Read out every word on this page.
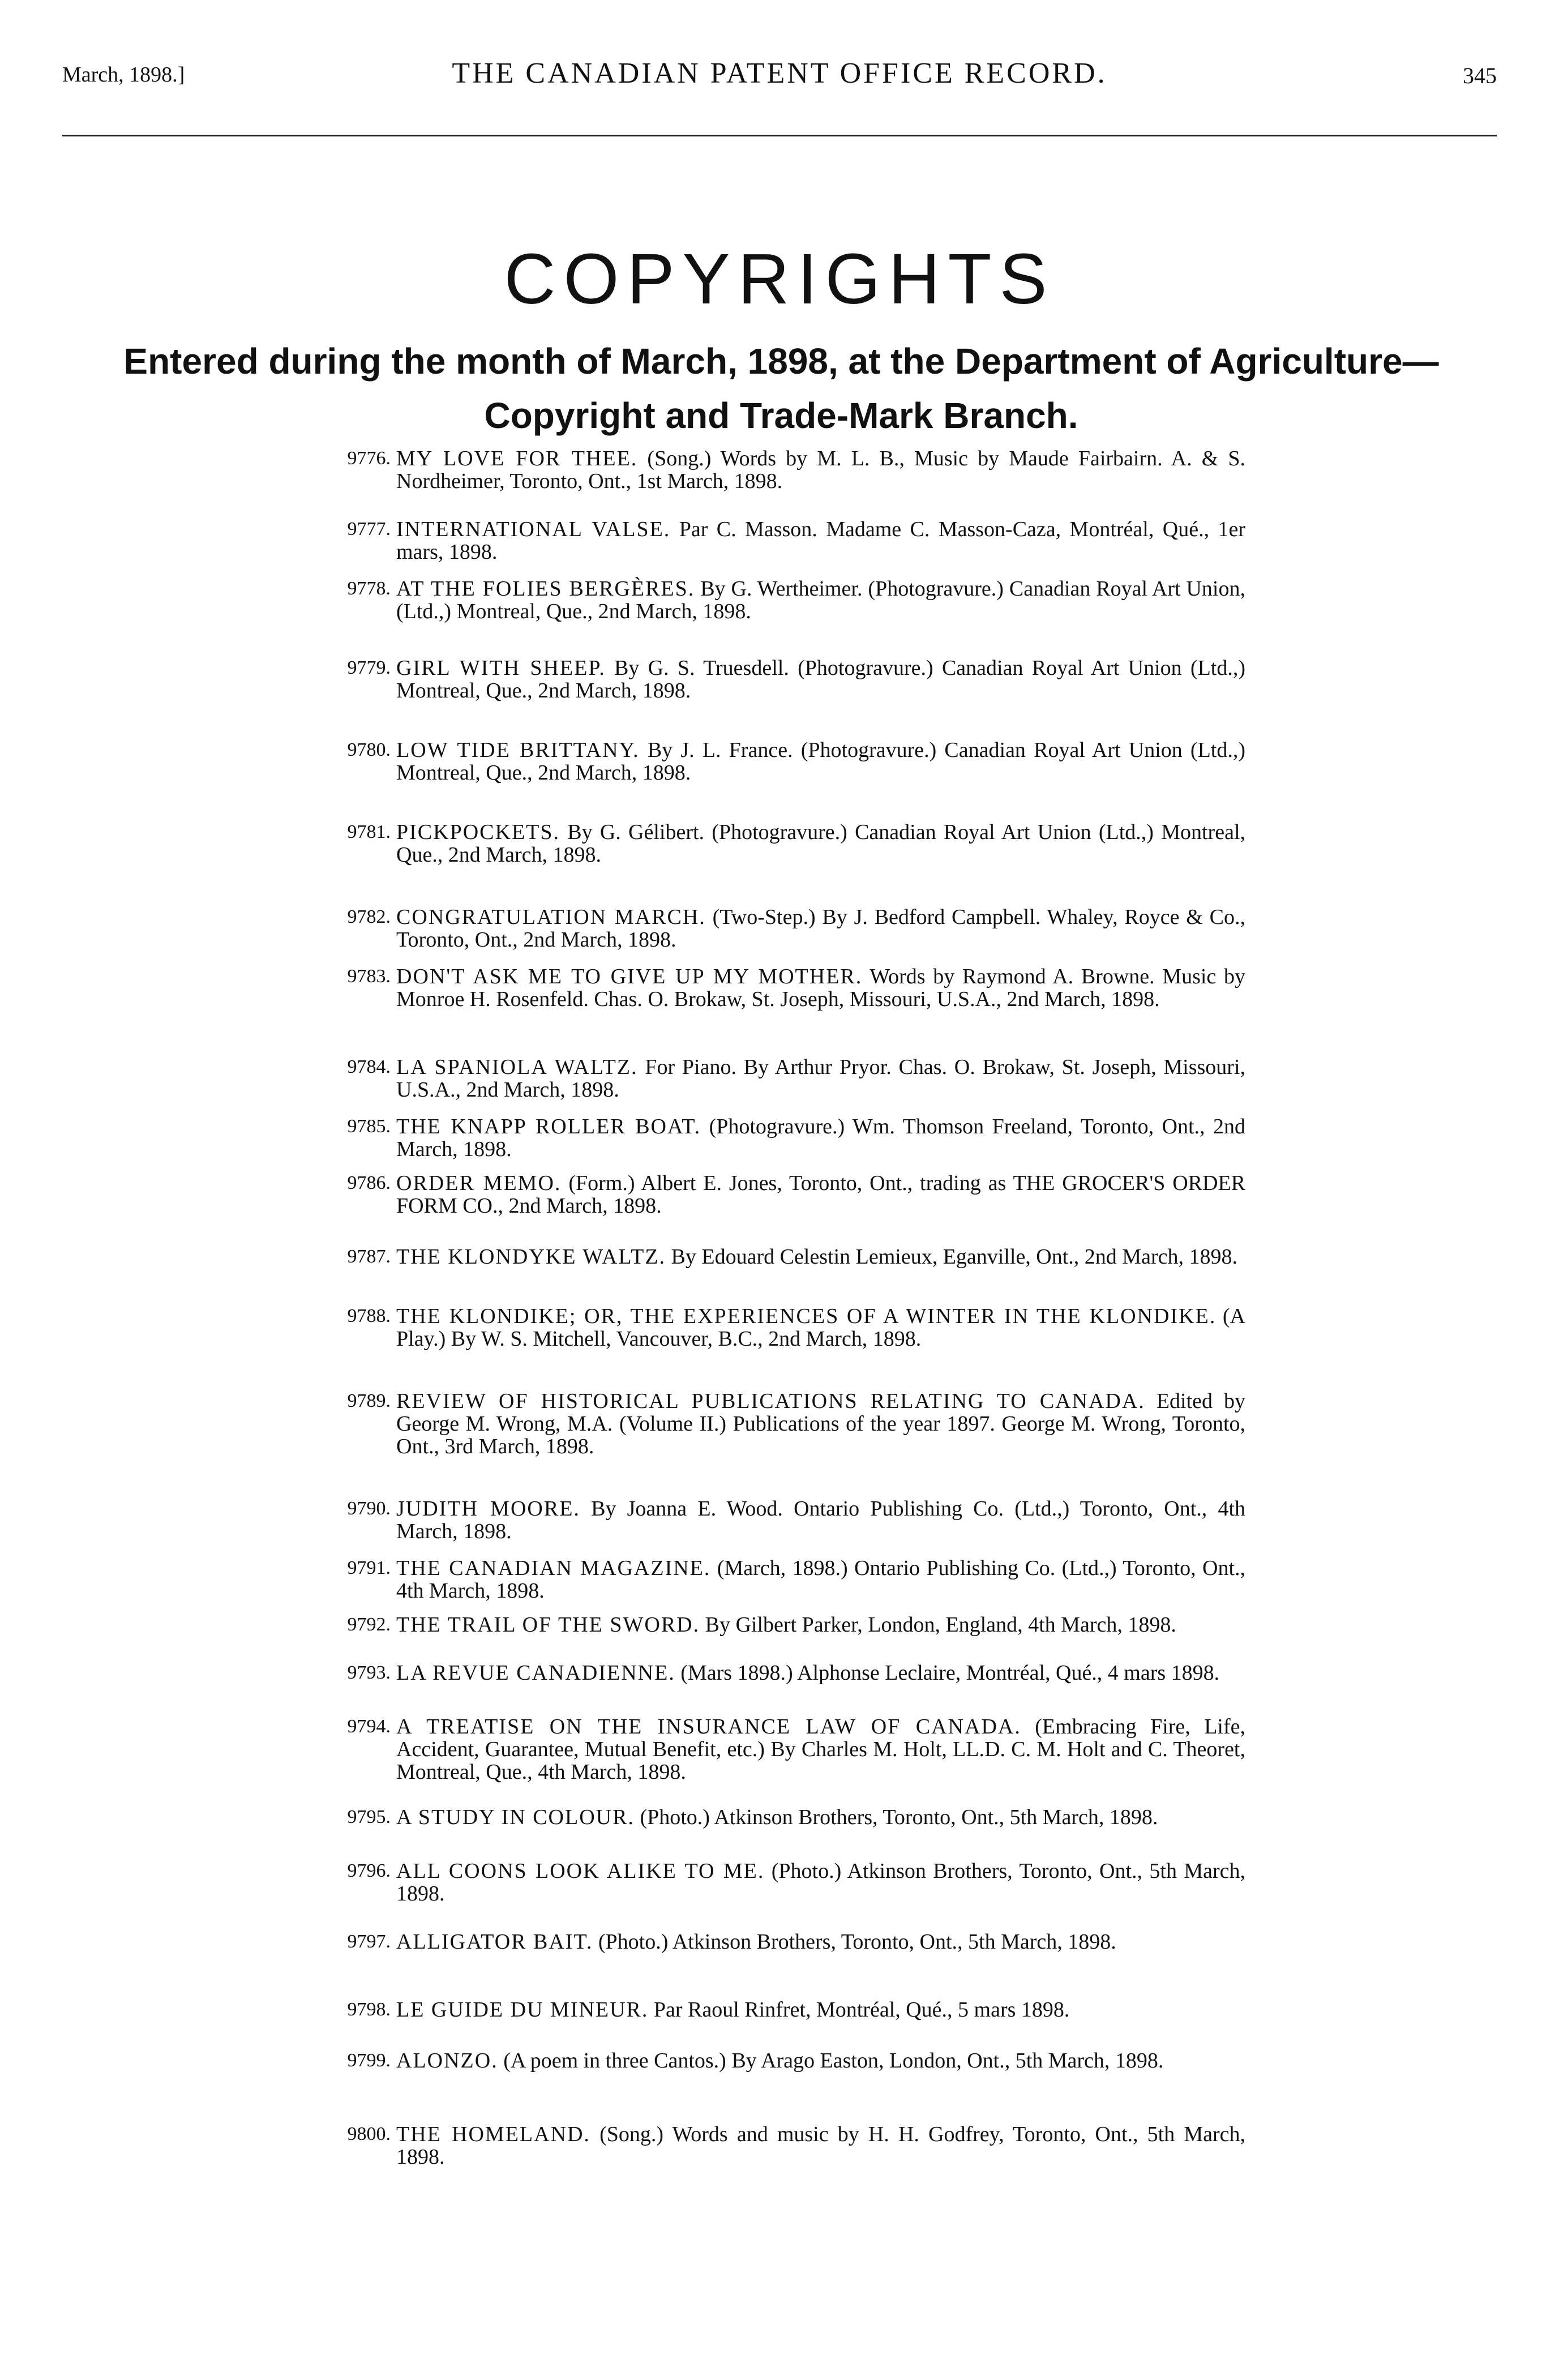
March, 1898.]	THE CANADIAN PATENT OFFICE RECORD.	345
COPYRIGHTS
Entered during the month of March, 1898, at the Department of Agriculture—
Copyright and Trade-Mark Branch.
9776. MY LOVE FOR THEE. (Song.) Words by M. L. B., Music by Maude Fairbairn. A. & S. Nordheimer, Toronto, Ont., 1st March, 1898.
9777. INTERNATIONAL VALSE. Par C. Masson. Madame C. Masson-Caza, Montréal, Qué., 1er mars, 1898.
9778. AT THE FOLIES BERGÈRES. By G. Wertheimer. (Photogravure.) Canadian Royal Art Union, (Ltd.,) Montreal, Que., 2nd March, 1898.
9779. GIRL WITH SHEEP. By G. S. Truesdell. (Photogravure.) Canadian Royal Art Union (Ltd.,) Montreal, Que., 2nd March, 1898.
9780. LOW TIDE BRITTANY. By J. L. France. (Photogravure.) Canadian Royal Art Union (Ltd.,) Montreal, Que., 2nd March, 1898.
9781. PICKPOCKETS. By G. Gélibert. (Photogravure.) Canadian Royal Art Union (Ltd.,) Montreal, Que., 2nd March, 1898.
9782. CONGRATULATION MARCH. (Two-Step.) By J. Bedford Campbell. Whaley, Royce & Co., Toronto, Ont., 2nd March, 1898.
9783. DON'T ASK ME TO GIVE UP MY MOTHER. Words by Raymond A. Browne. Music by Monroe H. Rosenfeld. Chas. O. Brokaw, St. Joseph, Missouri, U.S.A., 2nd March, 1898.
9784. LA SPANIOLA WALTZ. For Piano. By Arthur Pryor. Chas. O. Brokaw, St. Joseph, Missouri, U.S.A., 2nd March, 1898.
9785. THE KNAPP ROLLER BOAT. (Photogravure.) Wm. Thomson Freeland, Toronto, Ont., 2nd March, 1898.
9786. ORDER MEMO. (Form.) Albert E. Jones, Toronto, Ont., trading as THE GROCER'S ORDER FORM CO., 2nd March, 1898.
9787. THE KLONDYKE WALTZ. By Edouard Celestin Lemieux, Eganville, Ont., 2nd March, 1898.
9788. THE KLONDIKE; OR, THE EXPERIENCES OF A WINTER IN THE KLONDIKE. (A Play.) By W. S. Mitchell, Vancouver, B.C., 2nd March, 1898.
9789. REVIEW OF HISTORICAL PUBLICATIONS RELATING TO CANADA. Edited by George M. Wrong, M.A. (Volume II.) Publications of the year 1897. George M. Wrong, Toronto, Ont., 3rd March, 1898.
9790. JUDITH MOORE. By Joanna E. Wood. Ontario Publishing Co. (Ltd.,) Toronto, Ont., 4th March, 1898.
9791. THE CANADIAN MAGAZINE. (March, 1898.) Ontario Publishing Co. (Ltd.,) Toronto, Ont., 4th March, 1898.
9792. THE TRAIL OF THE SWORD. By Gilbert Parker, London, England, 4th March, 1898.
9793. LA REVUE CANADIENNE. (Mars 1898.) Alphonse Leclaire, Montréal, Qué., 4 mars 1898.
9794. A TREATISE ON THE INSURANCE LAW OF CANADA. (Embracing Fire, Life, Accident, Guarantee, Mutual Benefit, etc.) By Charles M. Holt, LL.D. C. M. Holt and C. Theoret, Montreal, Que., 4th March, 1898.
9795. A STUDY IN COLOUR. (Photo.) Atkinson Brothers, Toronto, Ont., 5th March, 1898.
9796. ALL COONS LOOK ALIKE TO ME. (Photo.) Atkinson Brothers, Toronto, Ont., 5th March, 1898.
9797. ALLIGATOR BAIT. (Photo.) Atkinson Brothers, Toronto, Ont., 5th March, 1898.
9798. LE GUIDE DU MINEUR. Par Raoul Rinfret, Montréal, Qué., 5 mars 1898.
9799. ALONZO. (A poem in three Cantos.) By Arago Easton, London, Ont., 5th March, 1898.
9800. THE HOMELAND. (Song.) Words and music by H. H. Godfrey, Toronto, Ont., 5th March, 1898.
